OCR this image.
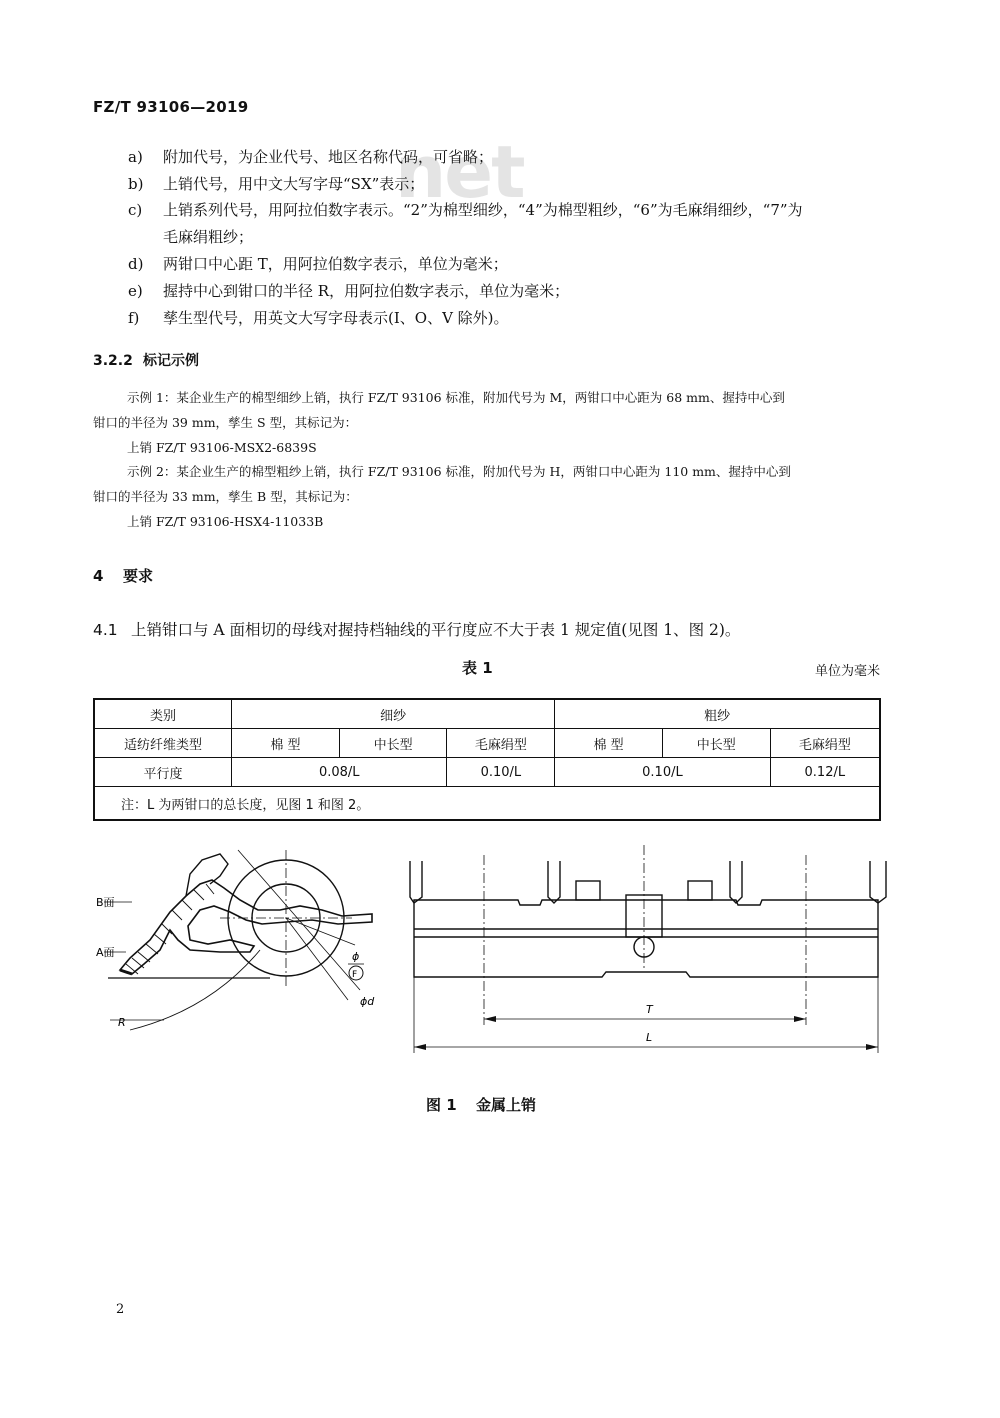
net
FZ/T 93106—2019
a) 附加代号，为企业代号、地区名称代码，可省略；
b) 上销代号，用中文大写字母“SX”表示；
c) 上销系列代号，用阿拉伯数字表示。“2”为棉型细纱，“4”为棉型粗纱，“6”为毛麻绢细纱，“7”为
毛麻绢粗纱；
d) 两钳口中心距 T，用阿拉伯数字表示，单位为毫米；
e) 握持中心到钳口的半径 R，用阿拉伯数字表示，单位为毫米；
f) 孳生型代号，用英文大写字母表示(I、O、V 除外)。
3.2.2 标记示例
示例 1：某企业生产的棉型细纱上销，执行 FZ/T 93106 标准，附加代号为 M，两钳口中心距为 68 mm、握持中心到
钳口的半径为 39 mm，孳生 S 型，其标记为：
上销 FZ/T 93106-MSX2-6839S
示例 2：某企业生产的棉型粗纱上销，执行 FZ/T 93106 标准，附加代号为 H，两钳口中心距为 110 mm、握持中心到
钳口的半径为 33 mm，孳生 B 型，其标记为：
上销 FZ/T 93106-HSX4-11033B
4 要求
4.1 上销钳口与 A 面相切的母线对握持档轴线的平行度应不大于表 1 规定值(见图 1、图 2)。
表 1	单位为毫米
类别	细纱			粗纱		
适纺纤维类型	棉 型	中长型	毛麻绢型	棉 型	中长型	毛麻绢型
平行度	0.08/L		0.10/L	0.10/L		0.12/L
注：L 为两钳口的总长度，见图 1 和图 2。						
B面
A面
R
ϕ
F
ϕd
T
L
图 1 金属上销
2
